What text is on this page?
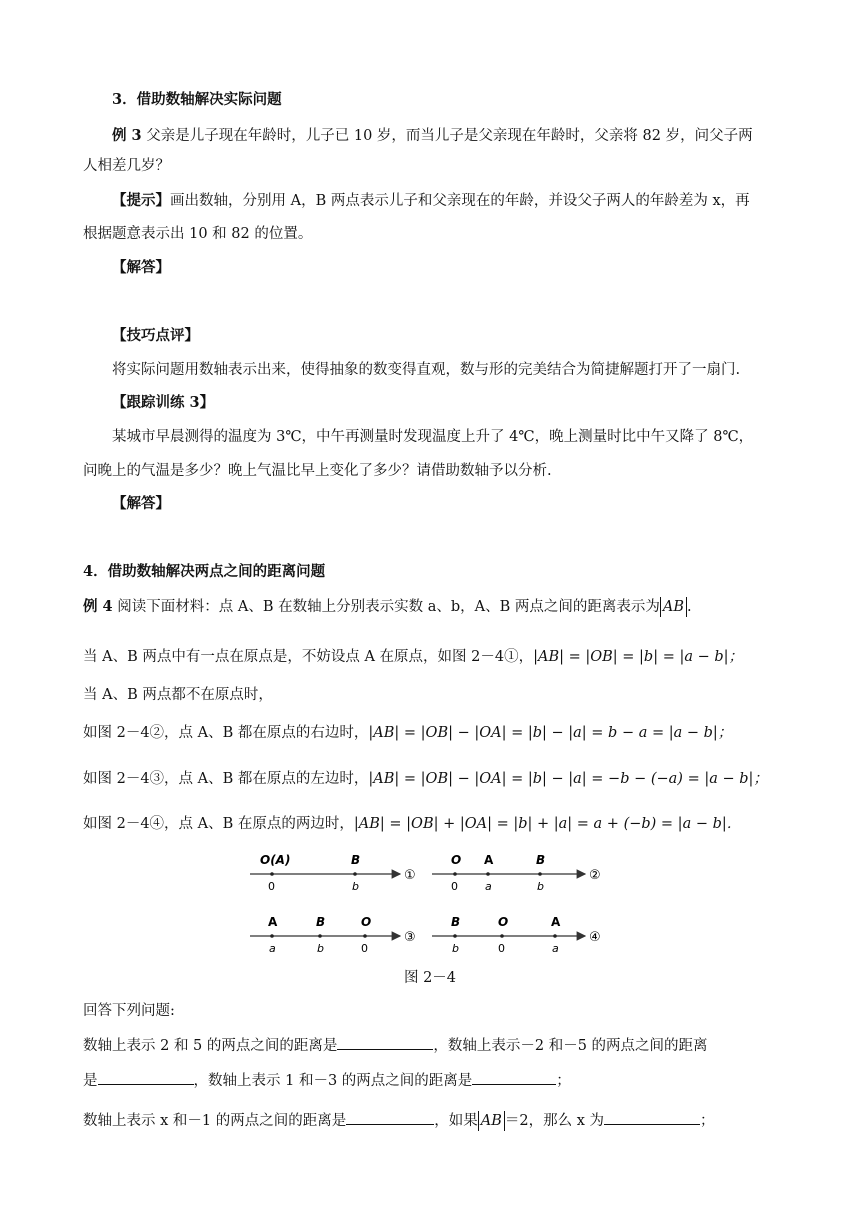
3．借助数轴解决实际问题
例 3 父亲是儿子现在年龄时，儿子已 10 岁，而当儿子是父亲现在年龄时，父亲将 82 岁，问父子两
人相差几岁？
【提示】画出数轴，分别用 A，B 两点表示儿子和父亲现在的年龄，并设父子两人的年龄差为 x，再
根据题意表示出 10 和 82 的位置。
【解答】
【技巧点评】
将实际问题用数轴表示出来，使得抽象的数变得直观，数与形的完美结合为简捷解题打开了一扇门.
【跟踪训练 3】
某城市早晨测得的温度为 3℃，中午再测量时发现温度上升了 4℃，晚上测量时比中午又降了 8℃，
问晚上的气温是多少？晚上气温比早上变化了多少？请借助数轴予以分析.
【解答】
4．借助数轴解决两点之间的距离问题
例 4 阅读下面材料：点 A、B 在数轴上分别表示实数 a、b，A、B 两点之间的距离表示为 AB .
当 A、B 两点中有一点在原点是，不妨设点 A 在原点，如图 2－4①，|AB| = |OB| = |b| = |a − b|；
当 A、B 两点都不在原点时，
如图 2－4②，点 A、B 都在原点的右边时，|AB| = |OB| − |OA| = |b| − |a| = b − a = |a − b|；
如图 2－4③，点 A、B 都在原点的左边时，|AB| = |OB| − |OA| = |b| − |a| = −b − (−a) = |a − b|；
如图 2－4④，点 A、B 在原点的两边时，|AB| = |OB| + |OA| = |b| + |a| = a + (−b) = |a − b|．
O(A)	B
0	b
①
O A	B
0 a	b
②
A	B	O
a	b	0
③
B	O	A
b	0	a
④
图 2－4
回答下列问题:
数轴上表示 2 和 5 的两点之间的距离是	，数轴上表示－2 和－5 的两点之间的距离
是	，数轴上表示 1 和－3 的两点之间的距离是	；
数轴上表示 x 和－1 的两点之间的距离是	，如果 AB ＝2，那么 x 为	；
